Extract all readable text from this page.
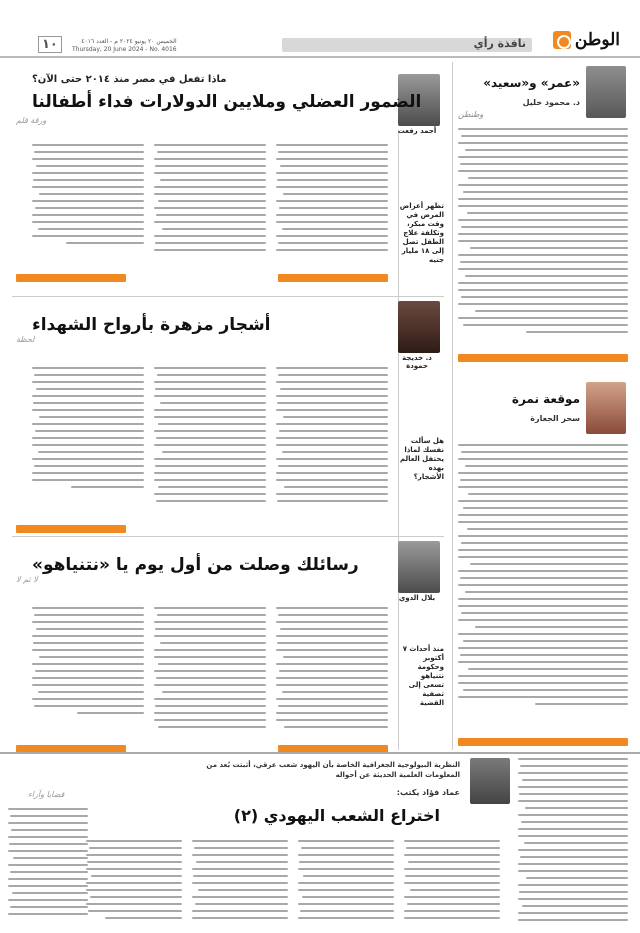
الوطن
نافذة رأي
الخميس ٢٠ يونيو ٢٠٢٤ م - العدد ٤٠١٦
Thursday, 20 June 2024 - No. 4016
١٠
«عمر» و«سعيد»
د. محمود خليل
وطنطن
موقعة نمرة
سحر الجعارة
أحمد رفعت
ماذا تفعل في مصر منذ ٢٠١٤ حتى الآن؟
الضمور العضلي وملايين الدولارات فداء أطفالنا
ورقة قلم
تظهر أعراض المرض في وقت مبكر، وتكلفة علاج الطفل تصل إلى ١٨ مليار جنيه
د. خديجة حمودة
أشجار مزهرة بأرواح الشهداء
لحظة
هل سألت نفسك لماذا يحتفل العالم بهذه الأشجار؟
بلال الدوي
رسائلك وصلت من أول يوم يا «نتنياهو»
لا ثم لا
منذ أحداث ٧ أكتوبر وحكومة نتنياهو تسعى إلى تصفية القضية
النظرية البيولوجية الجغرافية الخاصة بأن اليهود شعب عرقي، أثبتت بُعد من المعلومات العلمية الحديثة عن أحواله
عماد فؤاد يكتب:
اختراع الشعب اليهودي (٢)
قضايا وآراء
